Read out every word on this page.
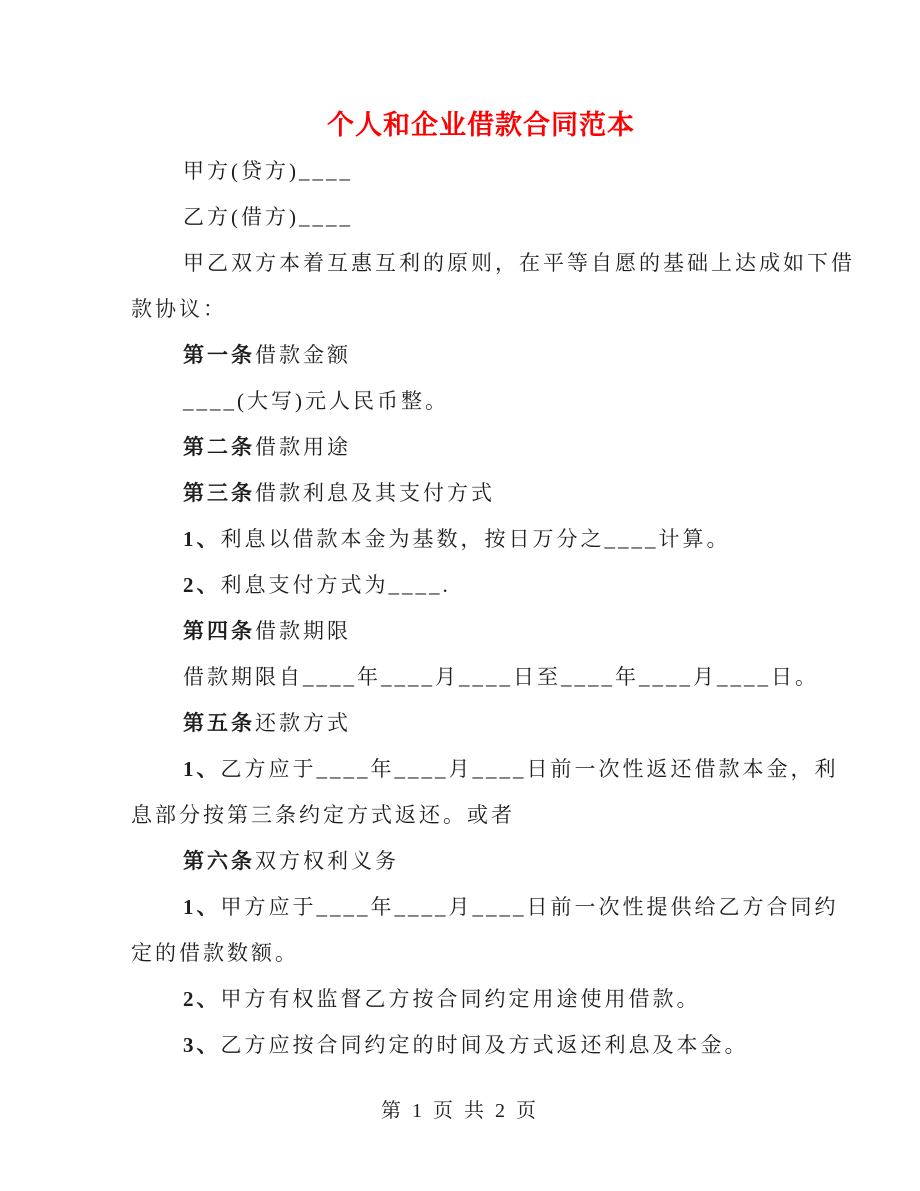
个人和企业借款合同范本
甲方(贷方)____
乙方(借方)____
甲乙双方本着互惠互利的原则，在平等自愿的基础上达成如下借
款协议：
第一条借款金额
____(大写)元人民币整。
第二条借款用途
第三条借款利息及其支付方式
1、利息以借款本金为基数，按日万分之____计算。
2、利息支付方式为____.
第四条借款期限
借款期限自____年____月____日至____年____月____日。
第五条还款方式
1、乙方应于____年____月____日前一次性返还借款本金，利
息部分按第三条约定方式返还。或者
第六条双方权利义务
1、甲方应于____年____月____日前一次性提供给乙方合同约
定的借款数额。
2、甲方有权监督乙方按合同约定用途使用借款。
3、乙方应按合同约定的时间及方式返还利息及本金。
第 1 页 共 2 页
